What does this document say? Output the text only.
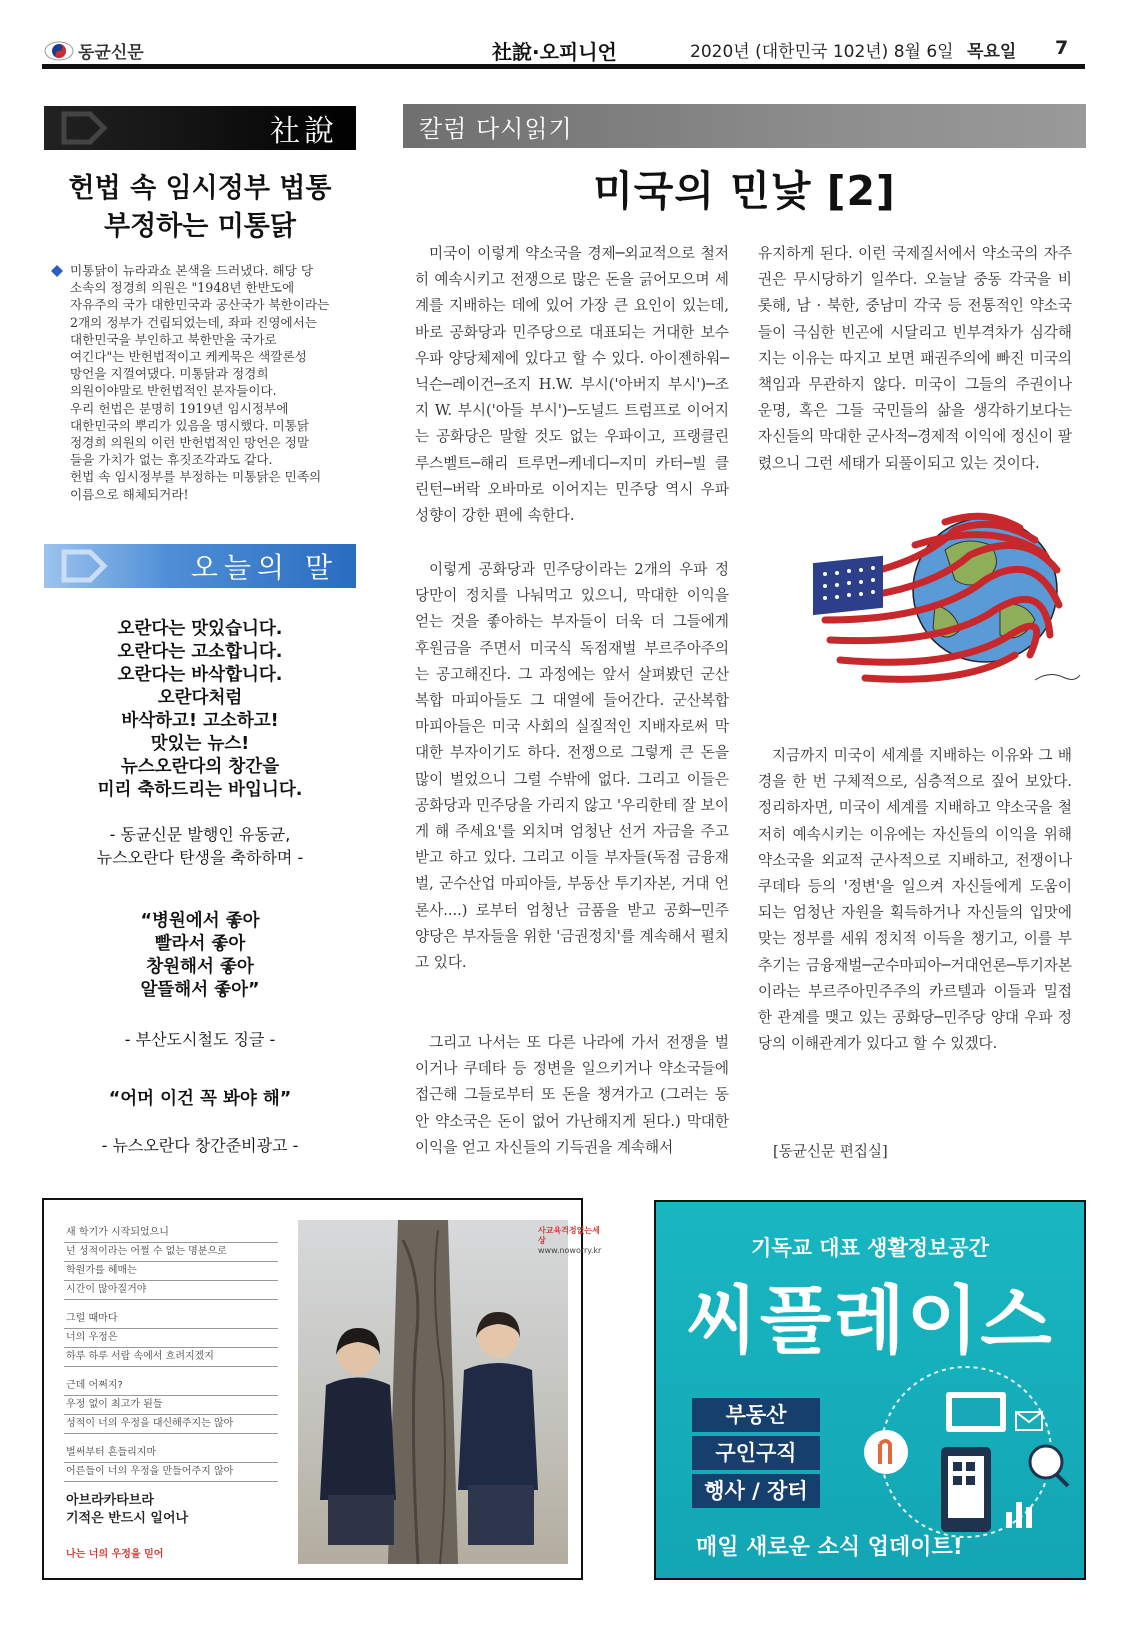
동균신문	社說·오피니언	2020년 (대한민국 102년) 8월 6일 목요일 7
社說
헌법 속 임시정부 법통
부정하는 미통닭

미통닭이 뉴라과쇼 본색을 드러냈다. 해당 당
소속의 정경희 의원은 "1948년 한반도에
자유주의 국가 대한민국과 공산국가 북한이라는
2개의 정부가 건립되었는데, 좌파 진영에서는
대한민국을 부인하고 북한만을 국가로
여긴다"는 반헌법적이고 케케묵은 색깔론성
망언을 지껄여댔다. 미통닭과 정경희
의원이야말로 반헌법적인 분자들이다.
우리 헌법은 분명히 1919년 임시정부에
대한민국의 뿌리가 있음을 명시했다. 미통닭
정경희 의원의 이런 반헌법적인 망언은 정말
들을 가치가 없는 휴짓조각과도 같다.
헌법 속 임시정부를 부정하는 미통닭은 민족의
이름으로 해체되거라!

오늘의 말
오란다는 맛있습니다.
오란다는 고소합니다.
오란다는 바삭합니다.
오란다처럼
바삭하고! 고소하고!
맛있는 뉴스!
뉴스오란다의 창간을
미리 축하드리는 바입니다.
- 동균신문 발행인 유동균,
뉴스오란다 탄생을 축하하며 -
“병원에서 좋아
빨라서 좋아
창원해서 좋아
알뜰해서 좋아”
- 부산도시철도 징글 -
“어머 이건 꼭 봐야 해”
- 뉴스오란다 창간준비광고 -
칼럼 다시읽기
미국의 민낯 [2]

미국이 이렇게 약소국을 경제─외교적으로 철저히 예속시키고 전쟁으로 많은 돈을 긁어모으며 세계를 지배하는 데에 있어 가장 큰 요인이 있는데, 바로 공화당과 민주당으로 대표되는 거대한 보수 우파 양당체제에 있다고 할 수 있다. 아이젠하워─닉슨─레이건─조지 H.W. 부시('아버지 부시')─조지 W. 부시('아들 부시')─도널드 트럼프로 이어지는 공화당은 말할 것도 없는 우파이고, 프랭클린 루스벨트─해리 트루먼─케네디─지미 카터─빌 클린턴─버락 오바마로 이어지는 민주당 역시 우파 성향이 강한 편에 속한다.

이렇게 공화당과 민주당이라는 2개의 우파 정당만이 정치를 나눠먹고 있으니, 막대한 이익을 얻는 것을 좋아하는 부자들이 더욱 더 그들에게 후원금을 주면서 미국식 독점재벌 부르주아주의는 공고해진다. 그 과정에는 앞서 살펴봤던 군산복합 마피아들도 그 대열에 들어간다. 군산복합 마피아들은 미국 사회의 실질적인 지배자로써 막대한 부자이기도 하다. 전쟁으로 그렇게 큰 돈을 많이 벌었으니 그럴 수밖에 없다. 그리고 이들은 공화당과 민주당을 가리지 않고 '우리한테 잘 보이게 해 주세요'를 외치며 엄청난 선거 자금을 주고받고 하고 있다. 그리고 이들 부자들(독점 금융재벌, 군수산업 마피아들, 부동산 투기자본, 거대 언론사....) 로부터 엄청난 금품을 받고 공화─민주 양당은 부자들을 위한 '금권정치'를 계속해서 펼치고 있다.

그리고 나서는 또 다른 나라에 가서 전쟁을 벌이거나 쿠데타 등 정변을 일으키거나 약소국들에 접근해 그들로부터 또 돈을 챙겨가고 (그러는 동안 약소국은 돈이 없어 가난해지게 된다.) 막대한 이익을 얻고 자신들의 기득권을 계속해서

유지하게 된다. 이런 국제질서에서 약소국의 자주권은 무시당하기 일쑤다. 오늘날 중동 각국을 비롯해, 남 · 북한, 중남미 각국 등 전통적인 약소국들이 극심한 빈곤에 시달리고 빈부격차가 심각해지는 이유는 따지고 보면 패권주의에 빠진 미국의 책임과 무관하지 않다. 미국이 그들의 주권이나 운명, 혹은 그들 국민들의 삶을 생각하기보다는 자신들의 막대한 군사적─경제적 이익에 정신이 팔렸으니 그런 세태가 되풀이되고 있는 것이다.

지금까지 미국이 세계를 지배하는 이유와 그 배경을 한 번 구체적으로, 심층적으로 짚어 보았다. 정리하자면, 미국이 세계를 지배하고 약소국을 철저히 예속시키는 이유에는 자신들의 이익을 위해 약소국을 외교적 군사적으로 지배하고, 전쟁이나 쿠데타 등의 '정변'을 일으켜 자신들에게 도움이 되는 엄청난 자원을 획득하거나 자신들의 입맛에 맞는 정부를 세워 정치적 이득을 챙기고, 이를 부추기는 금융재벌─군수마피아─거대언론─투기자본이라는 부르주아민주주의 카르텔과 이들과 밀접한 관계를 맺고 있는 공화당─민주당 양대 우파 정당의 이해관계가 있다고 할 수 있겠다.

[동균신문 편집실]
새 학기가 시작되었으니
넌 성적이라는 어쩔 수 없는 명분으로
학원가를 헤매는
시간이 많아질거야
그럴 때마다
너의 우정은
하루 하루 서랍 속에서 흐려지겠지
근데 어쩌지?
우정 없이 최고가 된들
성적이 너의 우정을 대신해주지는 않아
벌써부터 흔들리지마
어른들이 너의 우정을 만들어주지 않아
아브라카타브라
기적은 반드시 일어나
나는 너의 우정을 믿어
사교육걱정없는세상
www.noworry.kr	기독교 대표 생활정보공간
씨플레이스
부동산
구인구직
행사 / 장터
매일 새로운 소식 업데이트!
